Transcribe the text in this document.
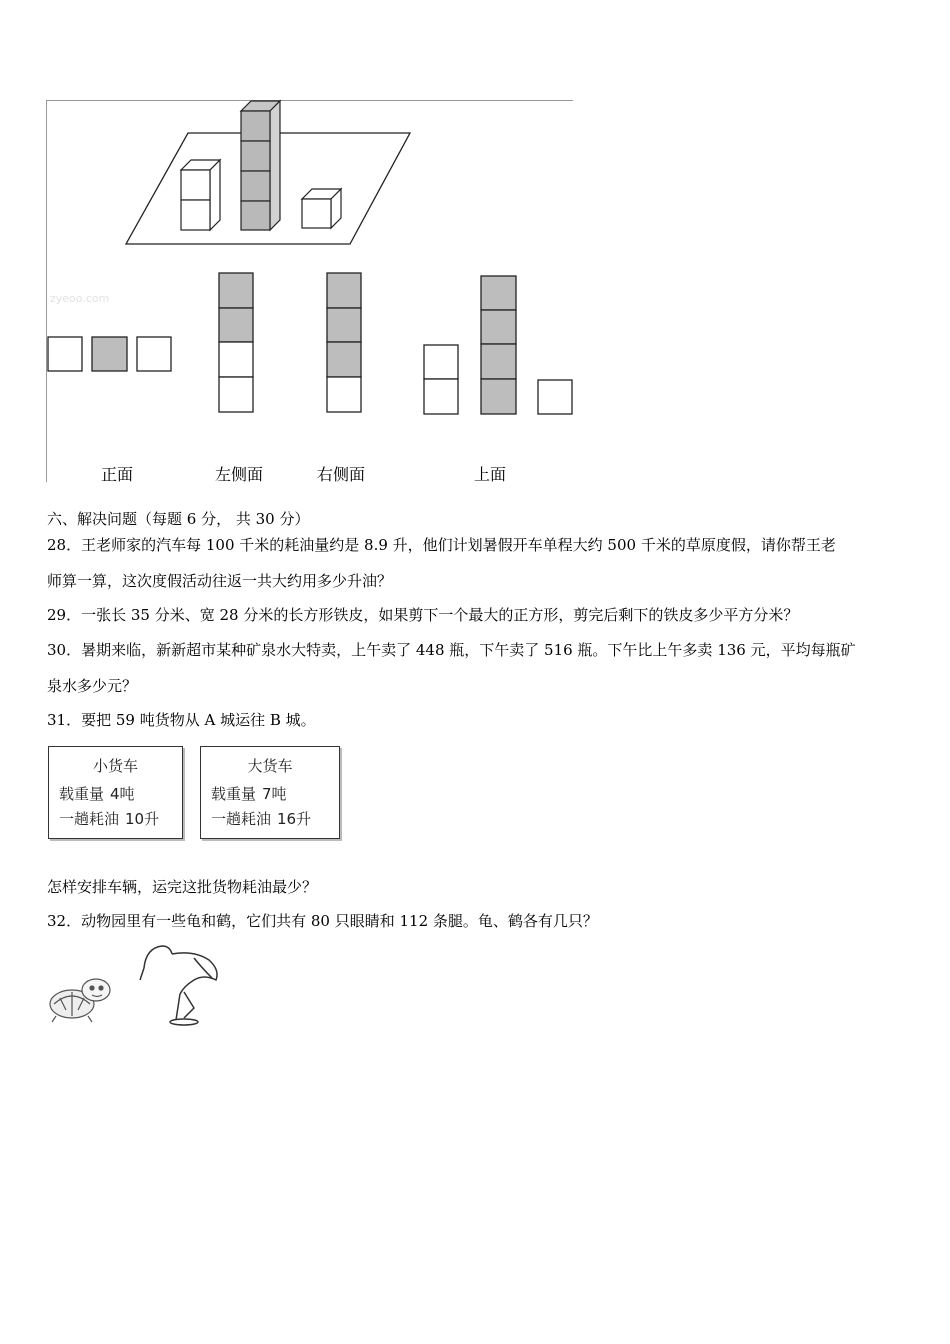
zyeoo.com
正面	左侧面	右侧面	上面
六、解决问题（每题 6 分， 共 30 分）
28．王老师家的汽车每 100 千米的耗油量约是 8.9 升，他们计划暑假开车单程大约 500 千米的草原度假，请你帮王老
师算一算，这次度假活动往返一共大约用多少升油？
29．一张长 35 分米、宽 28 分米的长方形铁皮，如果剪下一个最大的正方形，剪完后剩下的铁皮多少平方分米？
30．暑期来临，新新超市某种矿泉水大特卖，上午卖了 448 瓶，下午卖了 516 瓶。下午比上午多卖 136 元，平均每瓶矿
泉水多少元？
31．要把 59 吨货物从 A 城运往 B 城。
小货车
载重量 4吨
一趟耗油 10升
大货车
载重量 7吨
一趟耗油 16升
怎样安排车辆，运完这批货物耗油最少？
32．动物园里有一些龟和鹤，它们共有 80 只眼睛和 112 条腿。龟、鹤各有几只？
